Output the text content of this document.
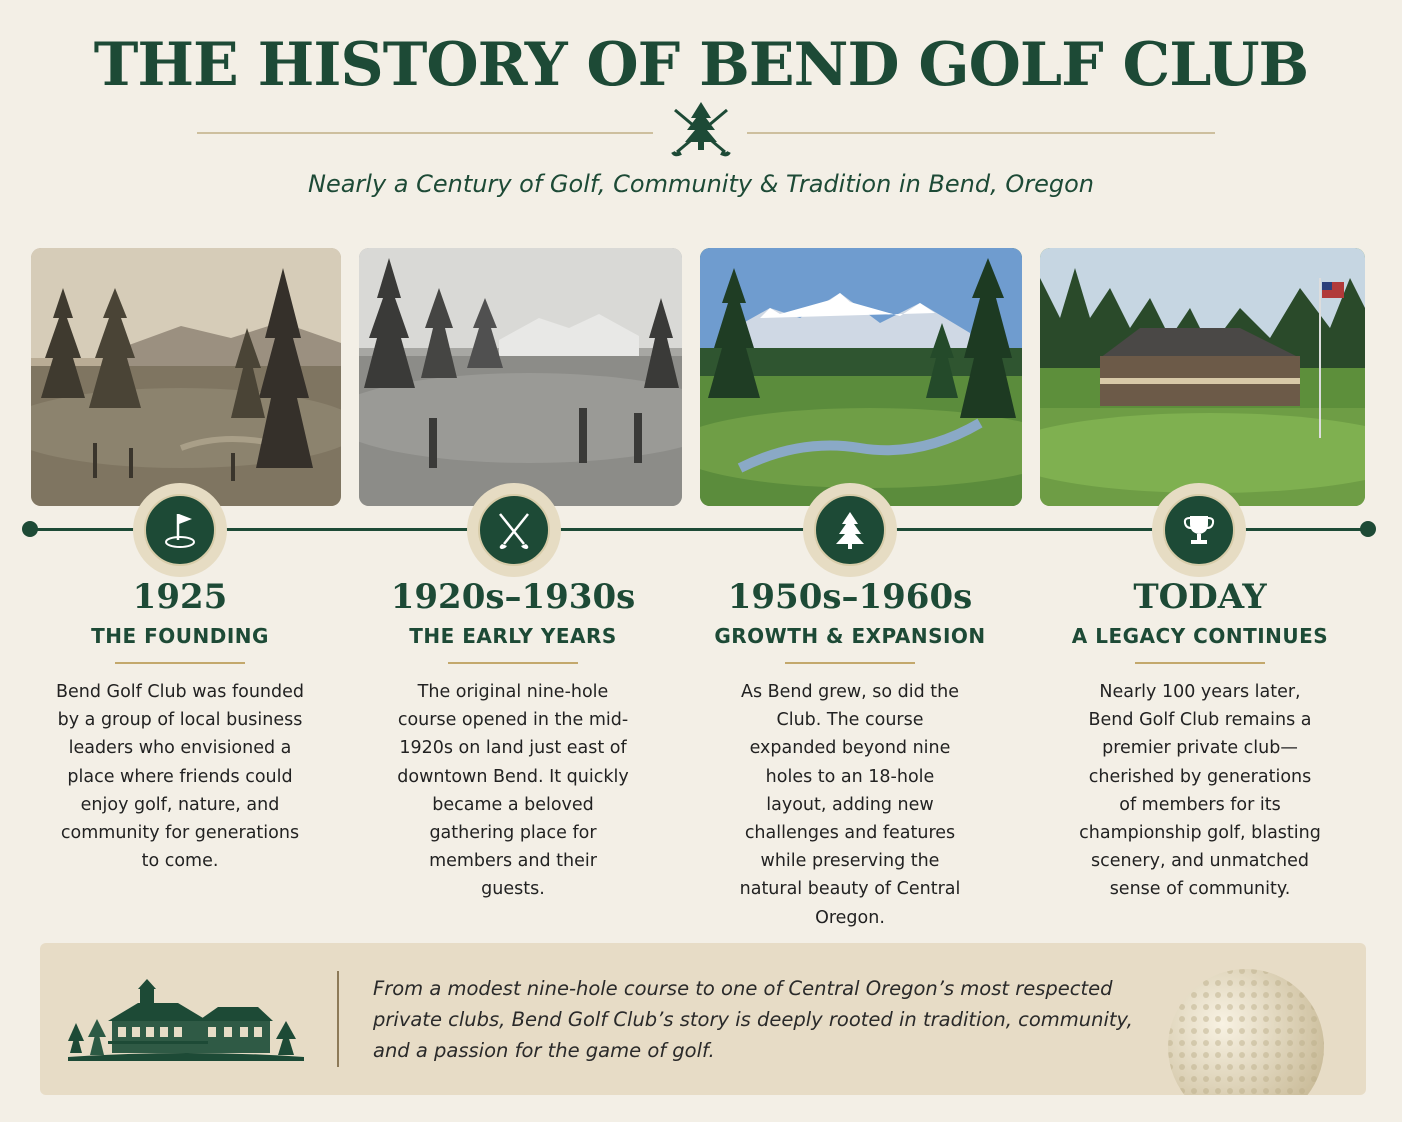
THE HISTORY OF BEND GOLF CLUB
Nearly a Century of Golf, Community & Tradition in Bend, Oregon
1925
THE FOUNDING
Bend Golf Club was founded by a group of local business leaders who envisioned a place where friends could enjoy golf, nature, and community for generations to come.
1920s–1930s
THE EARLY YEARS
The original nine-hole course opened in the mid-1920s on land just east of downtown Bend. It quickly became a beloved gathering place for members and their guests.
1950s–1960s
GROWTH & EXPANSION
As Bend grew, so did the Club. The course expanded beyond nine holes to an 18-hole layout, adding new challenges and features while preserving the natural beauty of Central Oregon.
TODAY
A LEGACY CONTINUES
Nearly 100 years later, Bend Golf Club remains a premier private club—cherished by generations of members for its championship golf, blasting scenery, and unmatched sense of community.
From a modest nine-hole course to one of Central Oregon’s most respected private clubs, Bend Golf Club’s story is deeply rooted in tradition, community, and a passion for the game of golf.
